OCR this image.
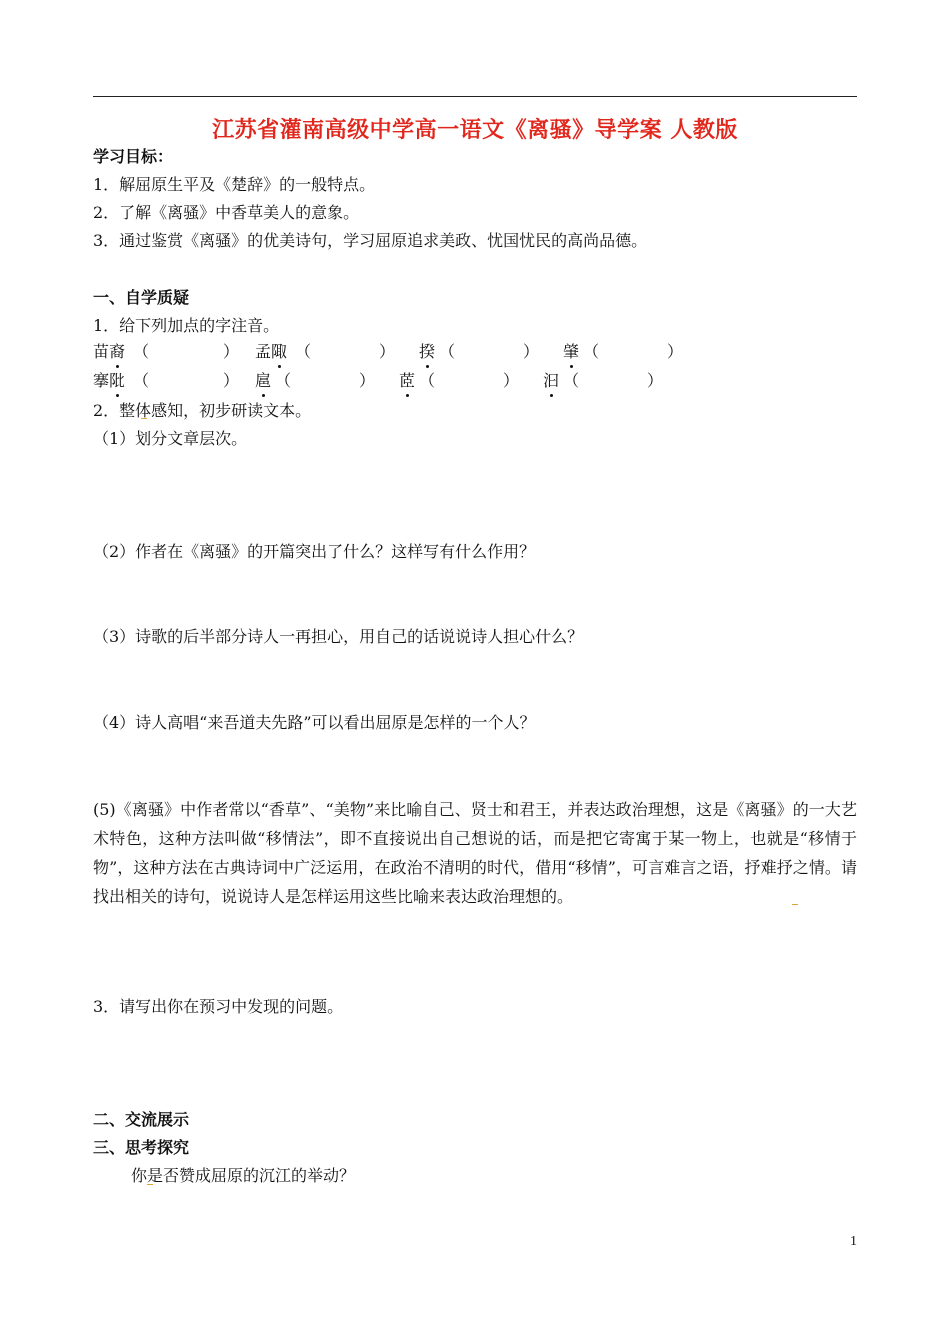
江苏省灌南高级中学高一语文《离骚》导学案 人教版
学习目标：
1．解屈原生平及《楚辞》的一般特点。
2．了解《离骚》中香草美人的意象。
3．通过鉴赏《离骚》的优美诗句，学习屈原追求美政、忧国忧民的高尚品德。
一、自学质疑
1．给下列加点的字注音。
苗裔 （	） 孟陬 （	） 揆 （	） 肇 （	）
搴阰 （	） 扈 （	） 茝 （	） 汩 （	）
2．整体感知，初步研读文本。
（1）划分文章层次。
（2）作者在《离骚》的开篇突出了什么？这样写有什么作用？
（3）诗歌的后半部分诗人一再担心，用自己的话说说诗人担心什么？
（4）诗人高唱“来吾道夫先路”可以看出屈原是怎样的一个人？
(5)《离骚》中作者常以“香草”、“美物”来比喻自己、贤士和君王，并表达政治理想，这是《离骚》的一大艺术特色，这种方法叫做“移情法”，即不直接说出自己想说的话，而是把它寄寓于某一物上，也就是“移情于物”，这种方法在古典诗词中广泛运用，在政治不清明的时代，借用“移情”，可言难言之语，抒难抒之情。请找出相关的诗句，说说诗人是怎样运用这些比喻来表达政治理想的。
3．请写出你在预习中发现的问题。
二、交流展示
三、思考探究
你是否赞成屈原的沉江的举动？
1
